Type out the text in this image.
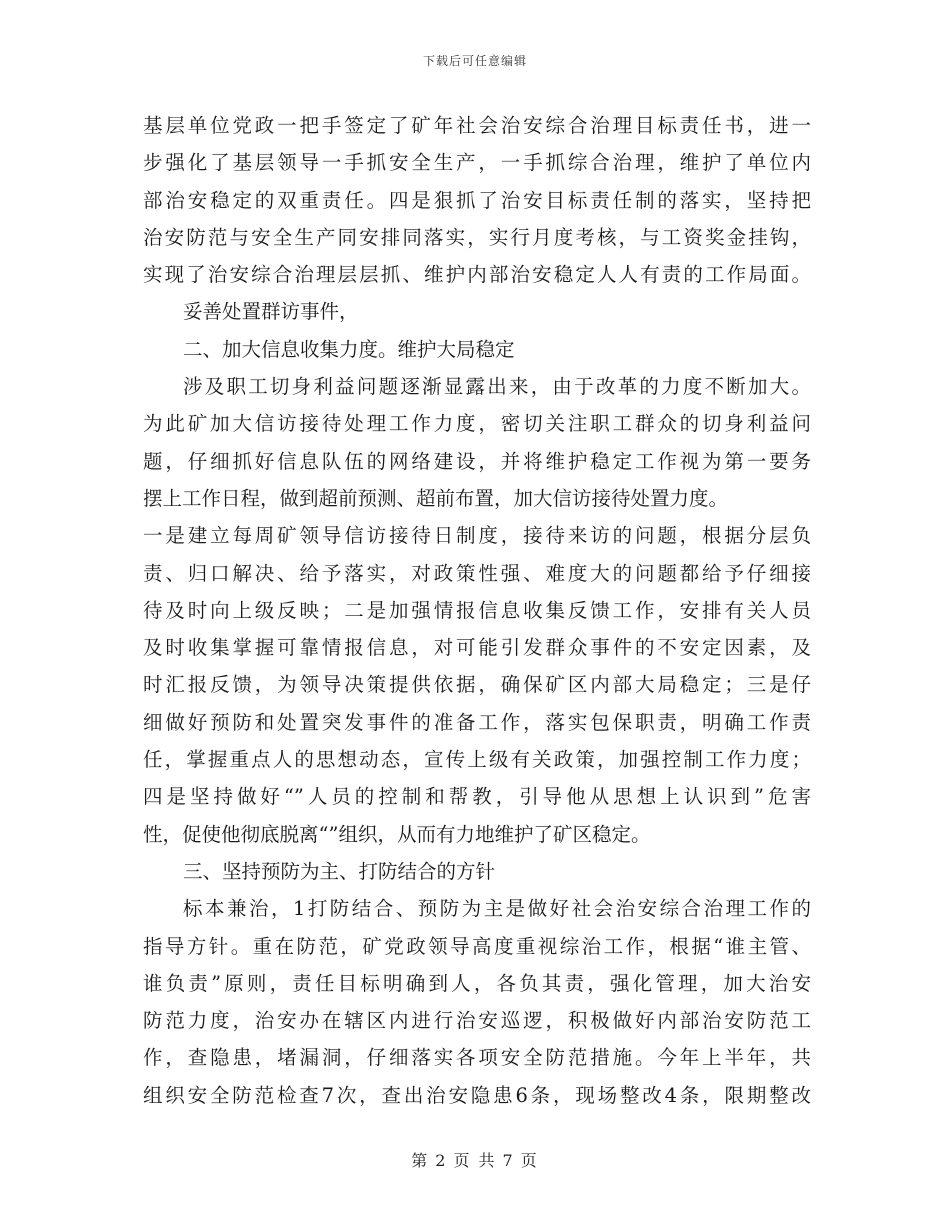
下载后可任意编辑
基层单位党政一把手签定了矿年社会治安综合治理目标责任书，进一
步强化了基层领导一手抓安全生产，一手抓综合治理，维护了单位内
部治安稳定的双重责任。四是狠抓了治安目标责任制的落实，坚持把
治安防范与安全生产同安排同落实，实行月度考核，与工资奖金挂钩，
实现了治安综合治理层层抓、维护内部治安稳定人人有责的工作局面。
妥善处置群访事件，
二、加大信息收集力度。维护大局稳定
涉及职工切身利益问题逐渐显露出来，由于改革的力度不断加大。
为此矿加大信访接待处理工作力度，密切关注职工群众的切身利益问
题，仔细抓好信息队伍的网络建设，并将维护稳定工作视为第一要务
摆上工作日程，做到超前预测、超前布置，加大信访接待处置力度。
一是建立每周矿领导信访接待日制度，接待来访的问题，根据分层负
责、归口解决、给予落实，对政策性强、难度大的问题都给予仔细接
待及时向上级反映；二是加强情报信息收集反馈工作，安排有关人员
及时收集掌握可靠情报信息，对可能引发群众事件的不安定因素，及
时汇报反馈，为领导决策提供依据，确保矿区内部大局稳定；三是仔
细做好预防和处置突发事件的准备工作，落实包保职责，明确工作责
任，掌握重点人的思想动态，宣传上级有关政策，加强控制工作力度；
四是坚持做好“”人员的控制和帮教，引导他从思想上认识到”危害
性，促使他彻底脱离“”组织，从而有力地维护了矿区稳定。
三、坚持预防为主、打防结合的方针
标本兼治，1打防结合、预防为主是做好社会治安综合治理工作的
指导方针。重在防范，矿党政领导高度重视综治工作，根据“谁主管、
谁负责”原则，责任目标明确到人，各负其责，强化管理，加大治安
防范力度，治安办在辖区内进行治安巡逻，积极做好内部治安防范工
作，查隐患，堵漏洞，仔细落实各项安全防范措施。今年上半年，共
组织安全防范检查7次，查出治安隐患6条，现场整改4条，限期整改
第 2 页 共 7 页
